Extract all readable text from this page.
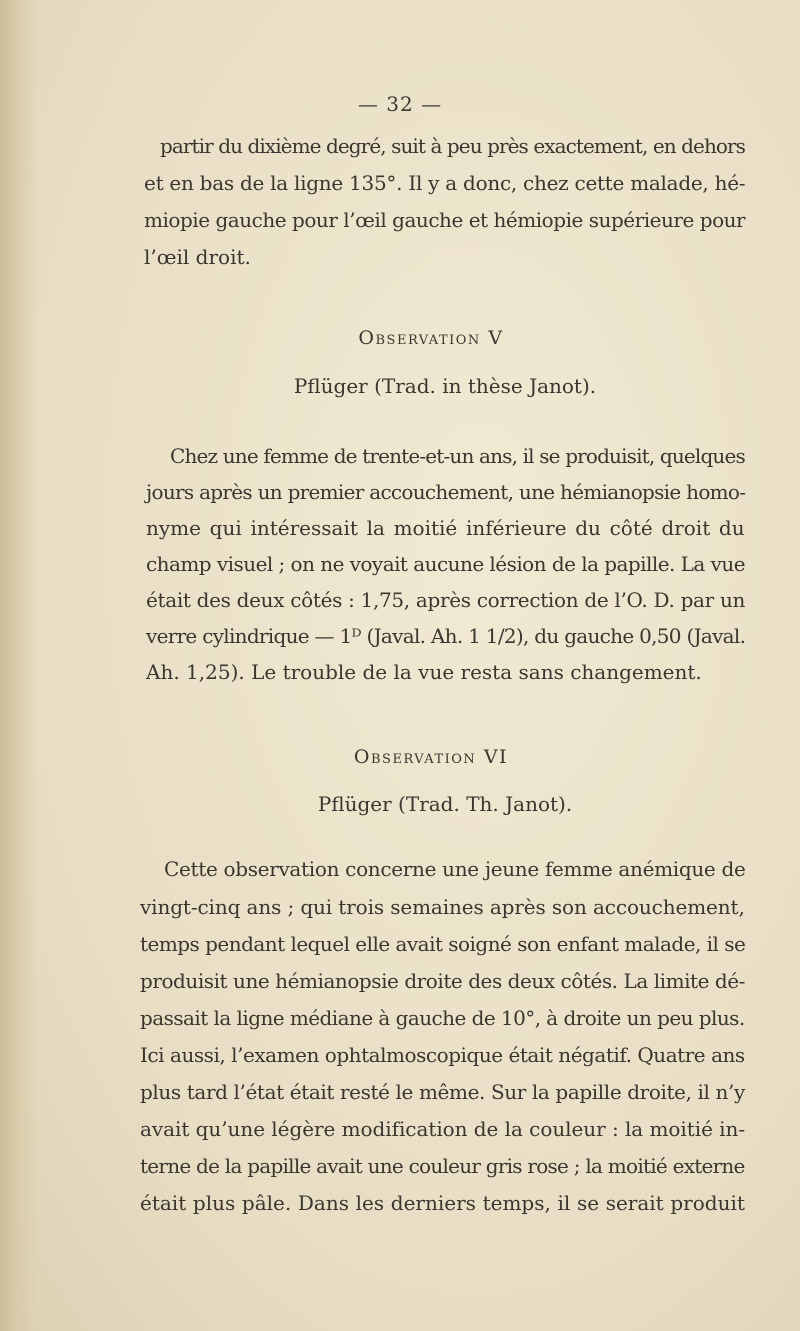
— 32 —
partir du dixième degré, suit à peu près exactement, en dehors
et en bas de la ligne 135°. Il y a donc, chez cette malade, hé-
miopie gauche pour l’œil gauche et hémiopie supérieure pour
l’œil droit.
Observation V
Pflüger (Trad. in thèse Janot).
Chez une femme de trente-et-un ans, il se produisit, quelques
jours après un premier accouchement, une hémianopsie homo-
nyme qui intéressait la moitié inférieure du côté droit du
champ visuel ; on ne voyait aucune lésion de la papille. La vue
était des deux côtés : 1,75, après correction de l’O. D. par un
verre cylindrique — 1ᴰ (Javal. Ah. 1 1/2), du gauche 0,50 (Javal.
Ah. 1,25). Le trouble de la vue resta sans changement.
Observation VI
Pflüger (Trad. Th. Janot).
Cette observation concerne une jeune femme anémique de
vingt-cinq ans ; qui trois semaines après son accouchement,
temps pendant lequel elle avait soigné son enfant malade, il se
produisit une hémianopsie droite des deux côtés. La limite dé-
passait la ligne médiane à gauche de 10°, à droite un peu plus.
Ici aussi, l’examen ophtalmoscopique était négatif. Quatre ans
plus tard l’état était resté le même. Sur la papille droite, il n’y
avait qu’une légère modification de la couleur : la moitié in-
terne de la papille avait une couleur gris rose ; la moitié externe
était plus pâle. Dans les derniers temps, il se serait produit
